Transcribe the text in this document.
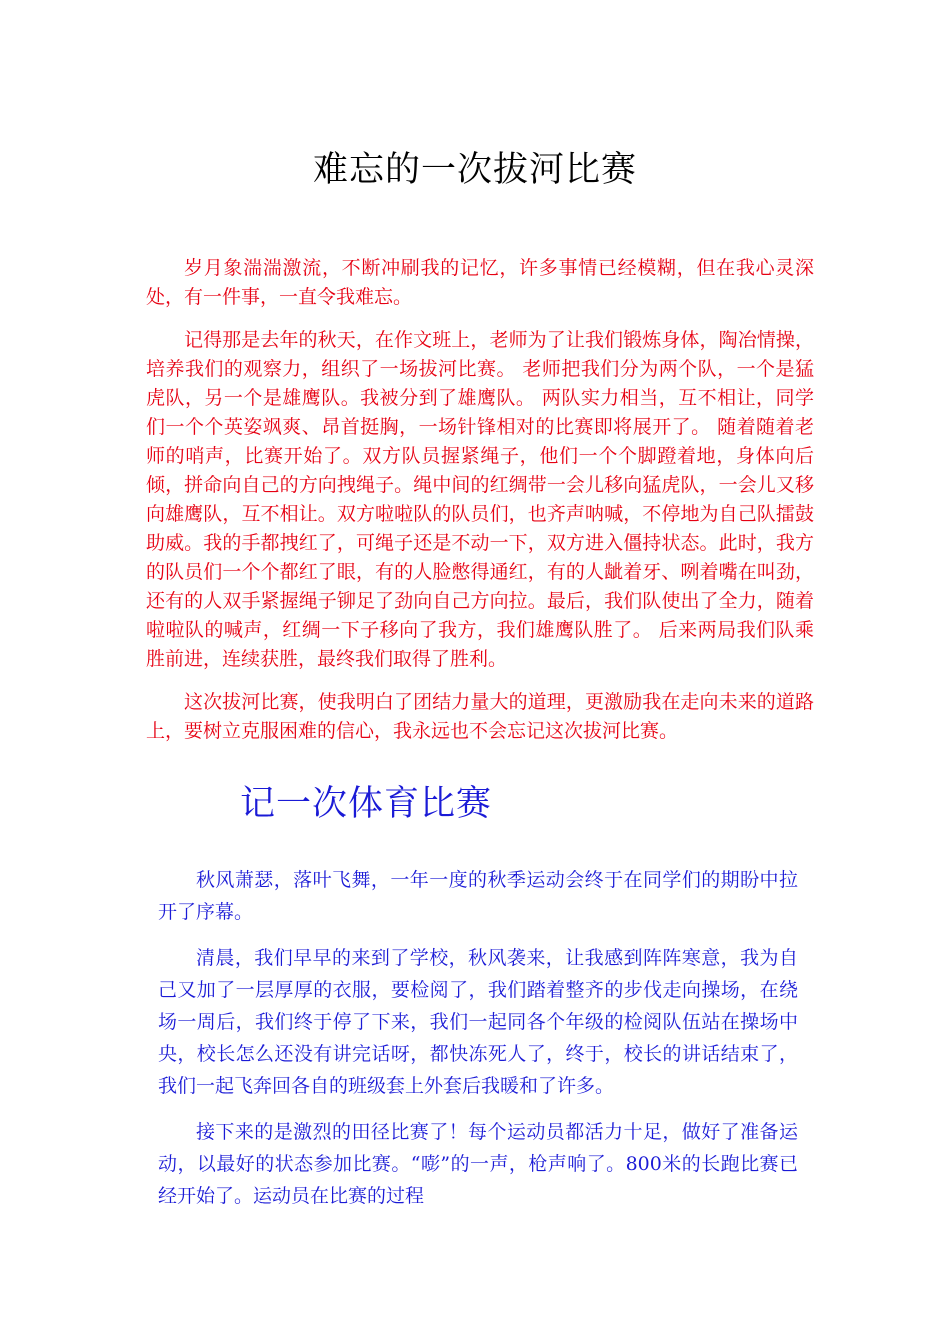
难忘的一次拔河比赛

岁月象湍湍激流，不断冲刷我的记忆，许多事情已经模糊，但在我心灵深处，有一件事，一直令我难忘。

记得那是去年的秋天，在作文班上，老师为了让我们锻炼身体，陶冶情操，培养我们的观察力，组织了一场拔河比赛。 老师把我们分为两个队，一个是猛虎队，另一个是雄鹰队。我被分到了雄鹰队。 两队实力相当，互不相让，同学们一个个英姿飒爽、昂首挺胸，一场针锋相对的比赛即将展开了。 随着随着老师的哨声，比赛开始了。双方队员握紧绳子，他们一个个脚蹬着地，身体向后倾，拼命向自己的方向拽绳子。绳中间的红绸带一会儿移向猛虎队，一会儿又移向雄鹰队，互不相让。双方啦啦队的队员们，也齐声呐喊，不停地为自己队擂鼓助威。我的手都拽红了，可绳子还是不动一下，双方进入僵持状态。此时，我方的队员们一个个都红了眼，有的人脸憋得通红，有的人龇着牙、咧着嘴在叫劲，还有的人双手紧握绳子铆足了劲向自己方向拉。最后，我们队使出了全力，随着啦啦队的喊声，红绸一下子移向了我方，我们雄鹰队胜了。 后来两局我们队乘胜前进，连续获胜，最终我们取得了胜利。

这次拔河比赛，使我明白了团结力量大的道理，更激励我在走向未来的道路上，要树立克服困难的信心，我永远也不会忘记这次拔河比赛。

记一次体育比赛

秋风萧瑟，落叶飞舞，一年一度的秋季运动会终于在同学们的期盼中拉开了序幕。

清晨，我们早早的来到了学校，秋风袭来，让我感到阵阵寒意，我为自己又加了一层厚厚的衣服，要检阅了，我们踏着整齐的步伐走向操场，在绕场一周后，我们终于停了下来，我们一起同各个年级的检阅队伍站在操场中央，校长怎么还没有讲完话呀，都快冻死人了，终于，校长的讲话结束了，我们一起飞奔回各自的班级套上外套后我暖和了许多。

接下来的是激烈的田径比赛了！每个运动员都活力十足，做好了准备运动，以最好的状态参加比赛。“嘭”的一声，枪声响了。800米的长跑比赛已经开始了。运动员在比赛的过程
